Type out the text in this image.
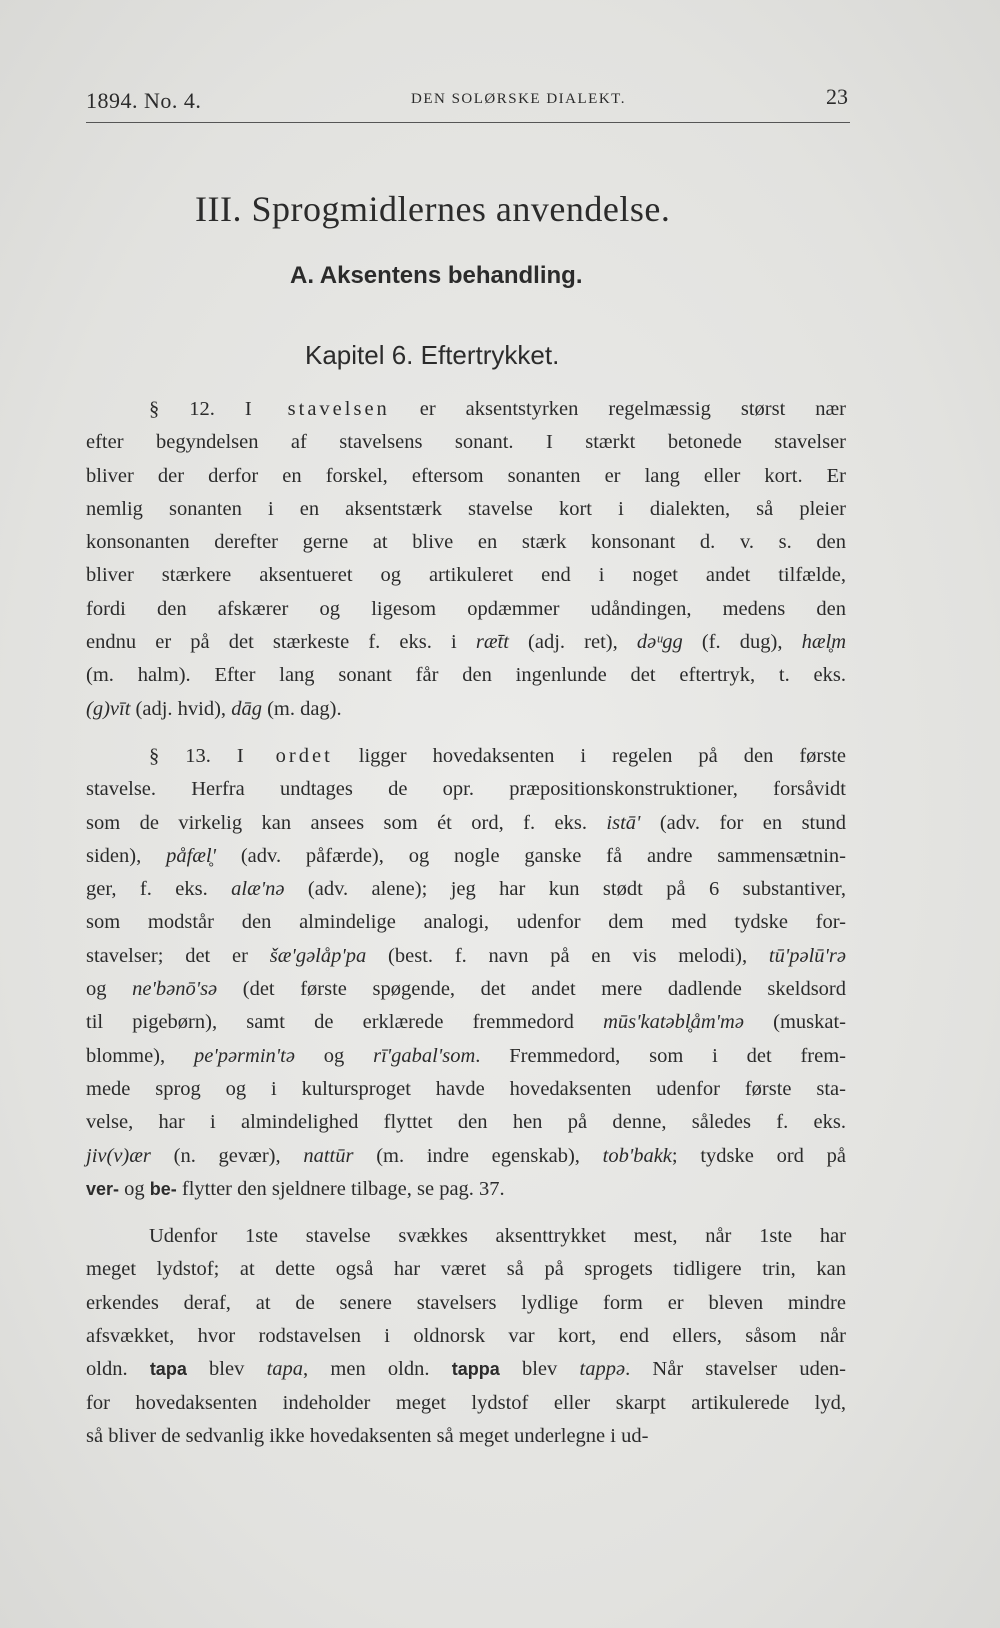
1894. No. 4.	DEN SOLØRSKE DIALEKT.	23
III. Sprogmidlernes anvendelse.
A. Aksentens behandling.
Kapitel 6. Eftertrykket.
§ 12. I stavelsen er aksentstyrken regelmæssig størst nær
efter begyndelsen af stavelsens sonant. I stærkt betonede stavelser
bliver der derfor en forskel, eftersom sonanten er lang eller kort. Er
nemlig sonanten i en aksentstærk stavelse kort i dialekten, så pleier
konsonanten derefter gerne at blive en stærk konsonant d. v. s. den
bliver stærkere aksentueret og artikuleret end i noget andet tilfælde,
fordi den afskærer og ligesom opdæmmer udåndingen, medens den
endnu er på det stærkeste f. eks. i ræt̄t (adj. ret), dəᵘgg (f. dug), hæl̥m
(m. halm). Efter lang sonant får den ingenlunde det eftertryk, t. eks.
(g)vīt (adj. hvid), dāg (m. dag).
§ 13. I ordet ligger hovedaksenten i regelen på den første
stavelse. Herfra undtages de opr. præpositionskonstruktioner, forsåvidt
som de virkelig kan ansees som ét ord, f. eks. istā' (adv. for en stund
siden), påfæl̥' (adv. påfærde), og nogle ganske få andre sammensætnin-
ger, f. eks. alæ'nə (adv. alene); jeg har kun stødt på 6 substantiver,
som modstår den almindelige analogi, udenfor dem med tydske for-
stavelser; det er šæ'gəlåp'pa (best. f. navn på en vis melodi), tū'pəlū'rə
og ne'bənō'sə (det første spøgende, det andet mere dadlende skeldsord
til pigebørn), samt de erklærede fremmedord mūs'katəbl̥åm'mə (muskat-
blomme), pe'pərmin'tə og rī'gabal'som. Fremmedord, som i det frem-
mede sprog og i kultursproget havde hovedaksenten udenfor første sta-
velse, har i almindelighed flyttet den hen på denne, således f. eks.
jiv(v)ær (n. gevær), nattūr (m. indre egenskab), tob'bakk; tydske ord på
ver- og be- flytter den sjeldnere tilbage, se pag. 37.
Udenfor 1ste stavelse svækkes aksenttrykket mest, når 1ste har
meget lydstof; at dette også har været så på sprogets tidligere trin, kan
erkendes deraf, at de senere stavelsers lydlige form er bleven mindre
afsvækket, hvor rodstavelsen i oldnorsk var kort, end ellers, såsom når
oldn. tapa blev tapa, men oldn. tappa blev tappə. Når stavelser uden-
for hovedaksenten indeholder meget lydstof eller skarpt artikulerede lyd,
så bliver de sedvanlig ikke hovedaksenten så meget underlegne i ud-
